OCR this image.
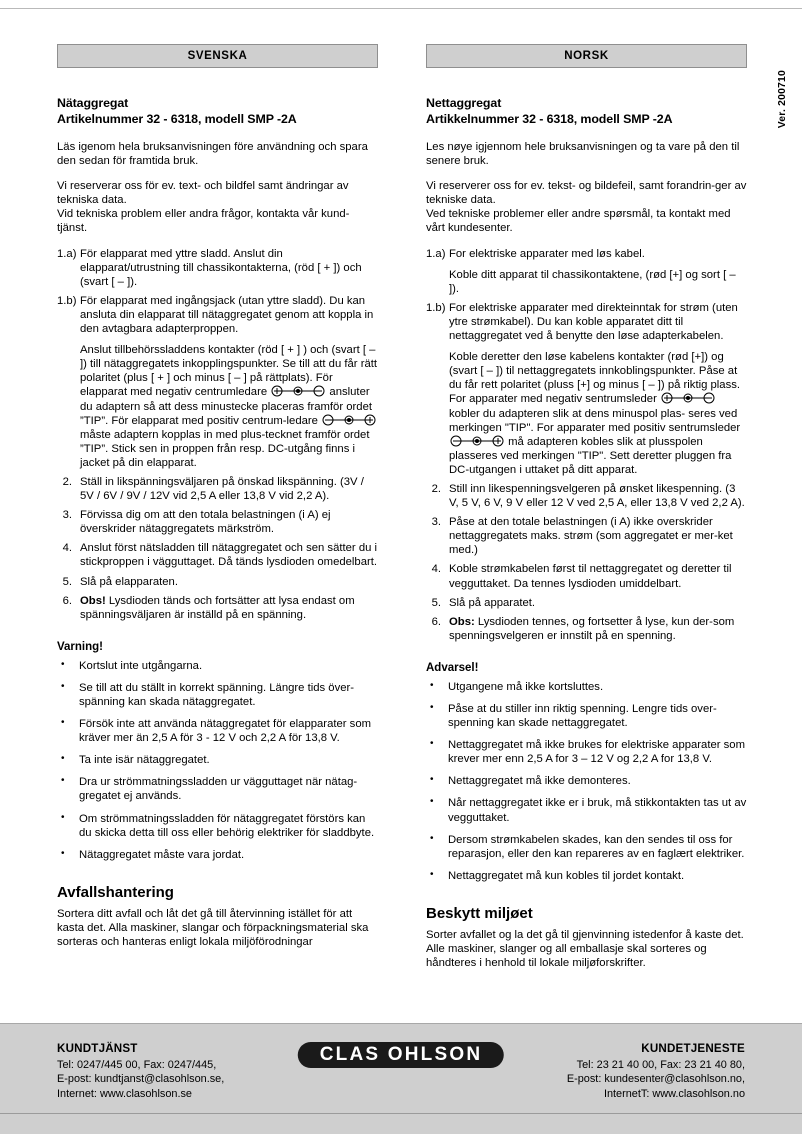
Ver. 200710
SVENSKA
Nätaggregat
Artikelnummer 32 - 6318, modell SMP -2A

Läs igenom hela bruksanvisningen före användning och spara den sedan för framtida bruk.

Vi reserverar oss för ev. text- och bildfel samt ändringar av tekniska data.

Vid tekniska problem eller andra frågor, kontakta vår kund-tjänst.

1.a) För elapparat med yttre sladd. Anslut din elapparat/utrustning till chassikontakterna, (röd [ + ]) och (svart [ – ]).

1.b) För elapparat med ingångsjack (utan yttre sladd). Du kan ansluta din elapparat till nätaggregatet genom att koppla in den avtagbara adapterproppen.

Anslut tillbehörssladdens kontakter (röd [ + ] ) och (svart [ – ]) till nätaggregatets inkopplingspunkter. Se till att du får rätt polaritet (plus [ + ] och minus [ – ] på rättplats). För elapparat med negativ centrumledare	ansluter du adaptern så att dess minustecke placeras framför ordet ”TIP”. För elapparat med positiv centrum-ledare  måste adaptern kopplas in med plus-tecknet framför ordet ”TIP”. Stick sen in proppen från resp. DC-utgång finns i jacket på din elapparat.

2. Ställ in likspänningsväljaren på önskad likspänning. (3V / 5V / 6V / 9V / 12V vid 2,5 A eller 13,8 V vid 2,2 A).

3. Förvissa dig om att den totala belastningen (i A) ej överskrider nätaggregatets märkström.

4. Anslut först nätsladden till nätaggregatet och sen sätter du i stickproppen i vägguttaget. Då tänds lysdioden omedelbart.

5. Slå på elapparaten.

6. Obs! Lysdioden tänds och fortsätter att lysa endast om spänningsväljaren är inställd på en spänning.

Varning!
• Kortslut inte utgångarna.
• Se till att du ställt in korrekt spänning. Längre tids över-spänning kan skada nätaggregatet.
• Försök inte att använda nätaggregatet för elapparater som kräver mer än 2,5 A för 3 - 12 V och 2,2 A för 13,8 V.
• Ta inte isär nätaggregatet.
• Dra ur strömmatningssladden ur vägguttaget när nätag-gregatet ej används.
• Om strömmatningssladden för nätaggregatet förstörs kan du skicka detta till oss eller behörig elektriker för sladdbyte.
• Nätaggregatet måste vara jordat.
Avfallshantering

Sortera ditt avfall och låt det gå till återvinning istället för att kasta det. Alla maskiner, slangar och förpackningsmaterial ska sorteras och hanteras enligt lokala miljöförodningar

NORSK
Nettaggregat
Artikkelnummer 32 - 6318, modell SMP -2A

Les nøye igjennom hele bruksanvisningen og ta vare på den til senere bruk.

Vi reserverer oss for ev. tekst- og bildefeil, samt forandrin-ger av tekniske data.

Ved tekniske problemer eller andre spørsmål, ta kontakt med vårt kundesenter.

1.a) For elektriske apparater med løs kabel.

Koble ditt apparat til chassikontaktene, (rød [+] og sort [ – ]).

1.b) For elektriske apparater med direkteinntak for strøm (uten ytre strømkabel). Du kan koble apparatet ditt til nettaggregatet ved å benytte den løse adapterkabelen.

Koble deretter den løse kabelens kontakter (rød [+]) og (svart [ – ]) til nettaggregatets innkoblingspunkter. Påse at du får rett polaritet (pluss [+] og minus [ – ]) på riktig plass. For apparater med negativ sentrumsleder  kobler du adapteren slik at dens minuspol plas- seres ved merkingen "TIP". For apparater med positiv sentrumsleder  må adapteren kobles slik at plusspolen plasseres ved merkingen "TIP". Sett deretter pluggen fra DC-utgangen i uttaket på ditt apparat.

2. Still inn likespenningsvelgeren på ønsket likespenning. (3 V, 5 V, 6 V, 9 V eller 12 V ved 2,5 A, eller 13,8 V ved 2,2 A).

3. Påse at den totale belastningen (i A) ikke overskrider nettaggregatets maks. strøm (som aggregatet er mer-ket med.)

4. Koble strømkabelen først til nettaggregatet og deretter til vegguttaket. Da tennes lysdioden umiddelbart.

5. Slå på apparatet.

6. Obs: Lysdioden tennes, og fortsetter å lyse, kun der-som spenningsvelgeren er innstilt på en spenning.

Advarsel!
• Utgangene må ikke kortsluttes.
• Påse at du stiller inn riktig spenning. Lengre tids over-spenning kan skade nettaggregatet.
• Nettaggregatet må ikke brukes for elektriske apparater som krever mer enn 2,5 A for 3 – 12 V og 2,2 A for 13,8 V.
• Nettaggregatet må ikke demonteres.
• Når nettaggregatet ikke er i bruk, må stikkontakten tas ut av vegguttaket.
• Dersom strømkabelen skades, kan den sendes til oss for reparasjon, eller den kan repareres av en faglært elektriker.
• Nettaggregatet må kun kobles til jordet kontakt.
Beskytt miljøet

Sorter avfallet og la det gå til gjenvinning istedenfor å kaste det. Alle maskiner, slanger og all emballasje skal sorteres og håndteres i henhold til lokale miljøforskrifter.

KUNDTJÄNST
Tel: 0247/445 00, Fax: 0247/445,
E-post: kundtjanst@clasohlson.se,
Internet: www.clasohlson.se
CLAS OHLSON	KUNDETJENESTE
Tel: 23 21 40 00, Fax: 23 21 40 80,
E-post: kundesenter@clasohlson.no,
InternetT: www.clasohlson.no
